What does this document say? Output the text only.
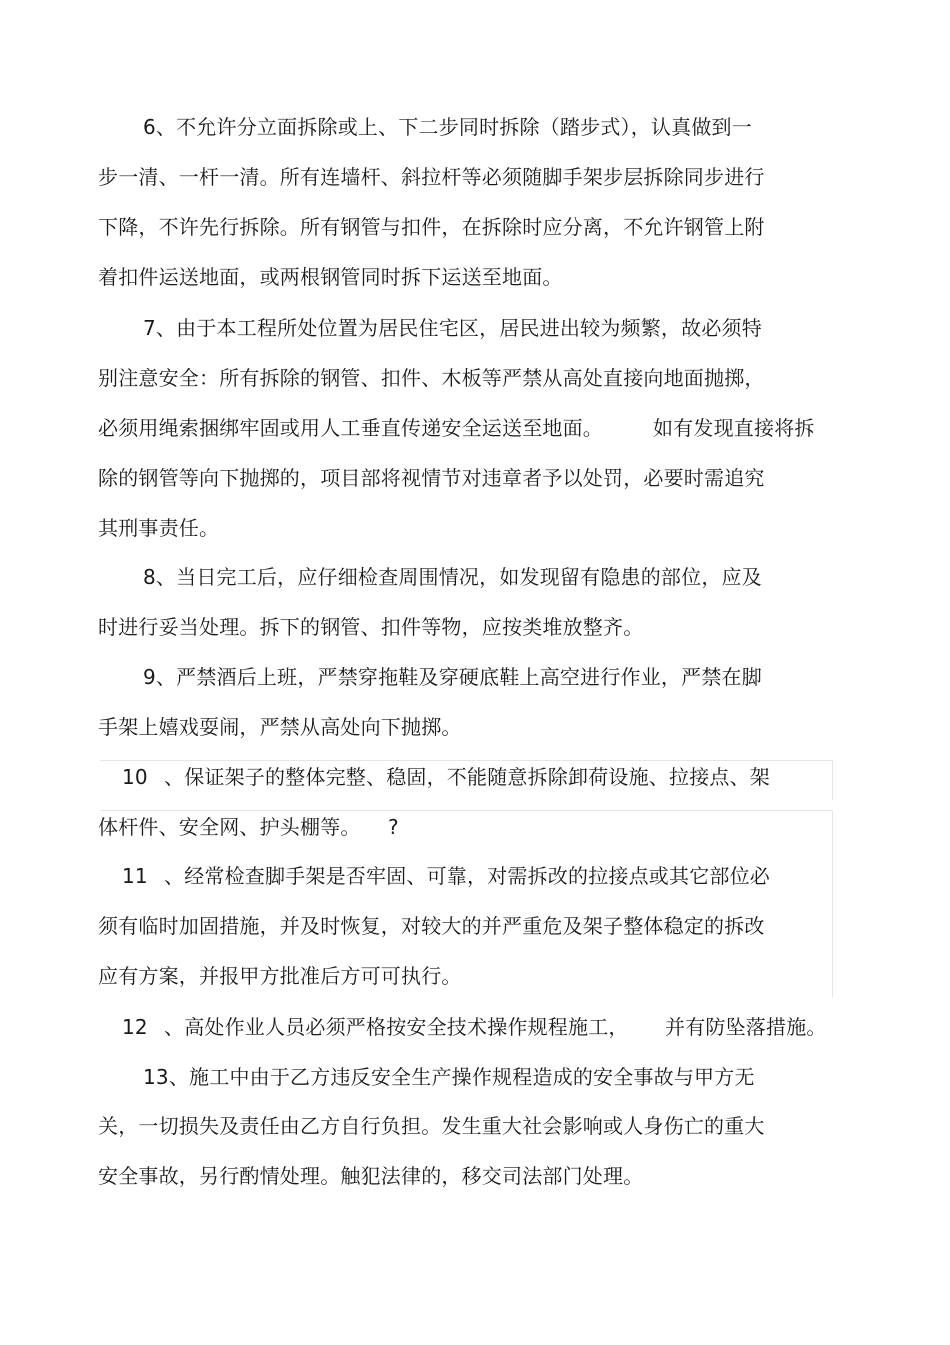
6、不允许分立面拆除或上、下二步同时拆除（踏步式），认真做到一
步一清、一杆一清。所有连墙杆、斜拉杆等必须随脚手架步层拆除同步进行
下降，不许先行拆除。所有钢管与扣件，在拆除时应分离，不允许钢管上附
着扣件运送地面，或两根钢管同时拆下运送至地面。
7、由于本工程所处位置为居民住宅区，居民进出较为频繁，故必须特
别注意安全：所有拆除的钢管、扣件、木板等严禁从高处直接向地面抛掷，
必须用绳索捆绑牢固或用人工垂直传递安全运送至地面。	如有发现直接将拆
除的钢管等向下抛掷的，项目部将视情节对违章者予以处罚，必要时需追究
其刑事责任。
8、当日完工后，应仔细检查周围情况，如发现留有隐患的部位，应及
时进行妥当处理。拆下的钢管、扣件等物，应按类堆放整齐。
9、严禁酒后上班，严禁穿拖鞋及穿硬底鞋上高空进行作业，严禁在脚
手架上嬉戏耍闹，严禁从高处向下抛掷。
10 、保证架子的整体完整、稳固，不能随意拆除卸荷设施、拉接点、架
体杆件、安全网、护头棚等。 ?
11 、经常检查脚手架是否牢固、可靠，对需拆改的拉接点或其它部位必
须有临时加固措施，并及时恢复，对较大的并严重危及架子整体稳定的拆改
应有方案，并报甲方批准后方可可执行。
12 、高处作业人员必须严格按安全技术操作规程施工， 并有防坠落措施。
13、施工中由于乙方违反安全生产操作规程造成的安全事故与甲方无
关，一切损失及责任由乙方自行负担。发生重大社会影响或人身伤亡的重大
安全事故，另行酌情处理。触犯法律的，移交司法部门处理。
